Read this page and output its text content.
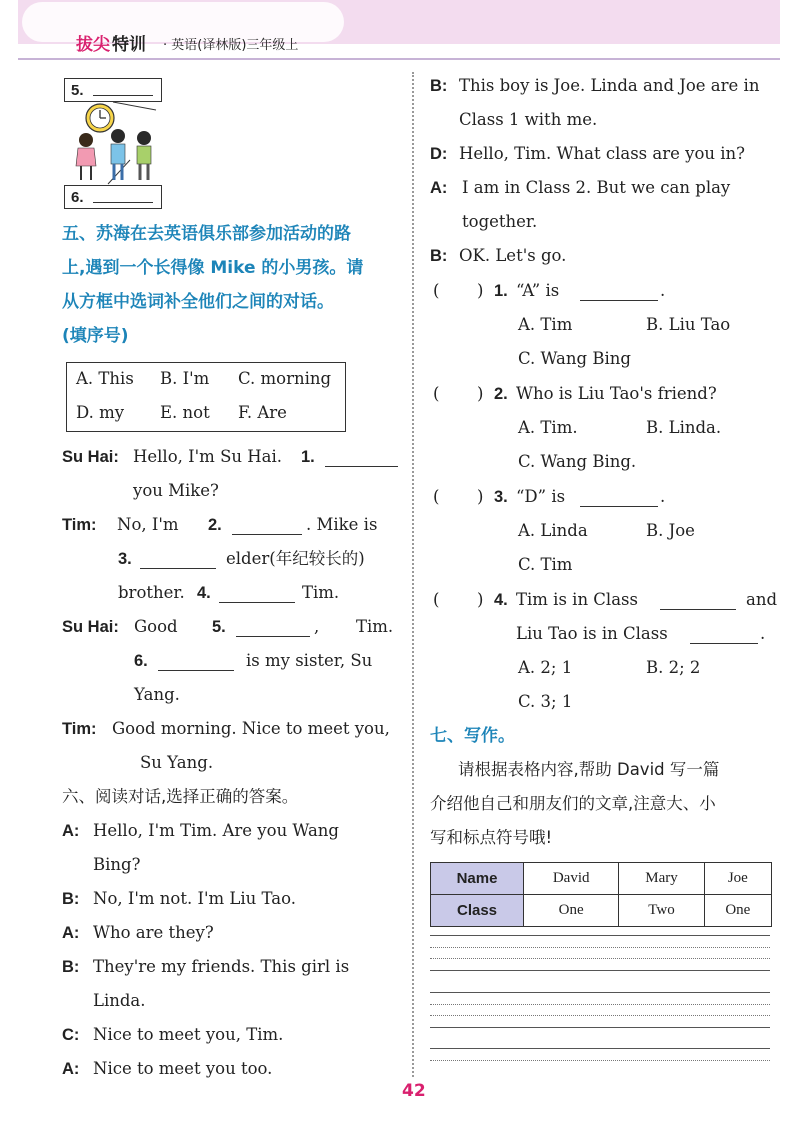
拔尖 特训 · 英语(译林版)三年级上
5.
6.
五、苏海在去英语俱乐部参加活动的路
上,遇到一个长得像 Mike 的小男孩。请
从方框中选词补全他们之间的对话。
(填序号)
A. This B. I'm C. morning
D. my E. not F. Are
Su Hai: Hello, I'm Su Hai. 1.
you Mike?
Tim: No, I'm 2.	. Mike is
3.	elder(年纪较长的)
brother. 4.	Tim.
Su Hai: Good 5.	, Tim.
6.	is my sister, Su
Yang.
Tim: Good morning. Nice to meet you,
Su Yang.
六、阅读对话,选择正确的答案。
A: Hello, I'm Tim. Are you Wang
Bing?
B: No, I'm not. I'm Liu Tao.
A: Who are they?
B: They're my friends. This girl is
Linda.
C: Nice to meet you, Tim.
A: Nice to meet you too.
B: This boy is Joe. Linda and Joe are in
Class 1 with me.
D: Hello, Tim. What class are you in?
A: I am in Class 2. But we can play
together.
B: OK. Let's go.
( ) 1. “A” is	.
A. Tim	B. Liu Tao
C. Wang Bing
( ) 2. Who is Liu Tao's friend?
A. Tim.	B. Linda.
C. Wang Bing.
( ) 3. “D” is	.
A. Linda	B. Joe
C. Tim
( ) 4. Tim is in Class	and
Liu Tao is in Class	.
A. 2; 1	B. 2; 2
C. 3; 1
七、写作。
请根据表格内容,帮助 David 写一篇
介绍他自己和朋友们的文章,注意大、小
写和标点符号哦!
Name	David	Mary	Joe
Class	One	Two	One
42
